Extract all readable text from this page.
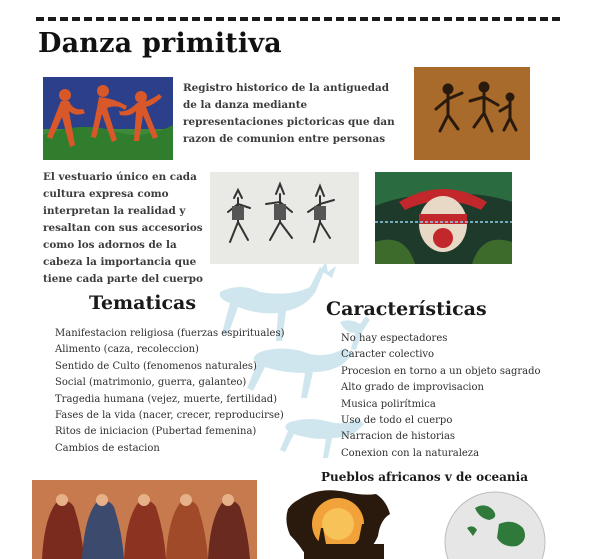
Danza primitiva
Registro historico de la antiguedad de la danza mediante representaciones pictoricas que dan razon de comunion entre personas
El vestuario único en cada cultura expresa como interpretan la realidad y resaltan con sus accesorios como los adornos de la cabeza la importancia que tiene cada parte del cuerpo
Tematicas	Características
Manifestacion religiosa (fuerzas espirituales)
Alimento (caza, recoleccion)
Sentido de Culto (fenomenos naturales)
Social (matrimonio, guerra, galanteo)
Tragedia humana (vejez, muerte, fertilidad)
Fases de la vida (nacer, crecer, reproducirse)
Ritos de iniciacion (Pubertad femenina)
Cambios de estacion
No hay espectadores
Caracter colectivo
Procesion en torno a un objeto sagrado
Alto grado de improvisacion
Musica polirítmica
Uso de todo el cuerpo
Narracion de historias
Conexion con la naturaleza
Pueblos africanos v de oceania
